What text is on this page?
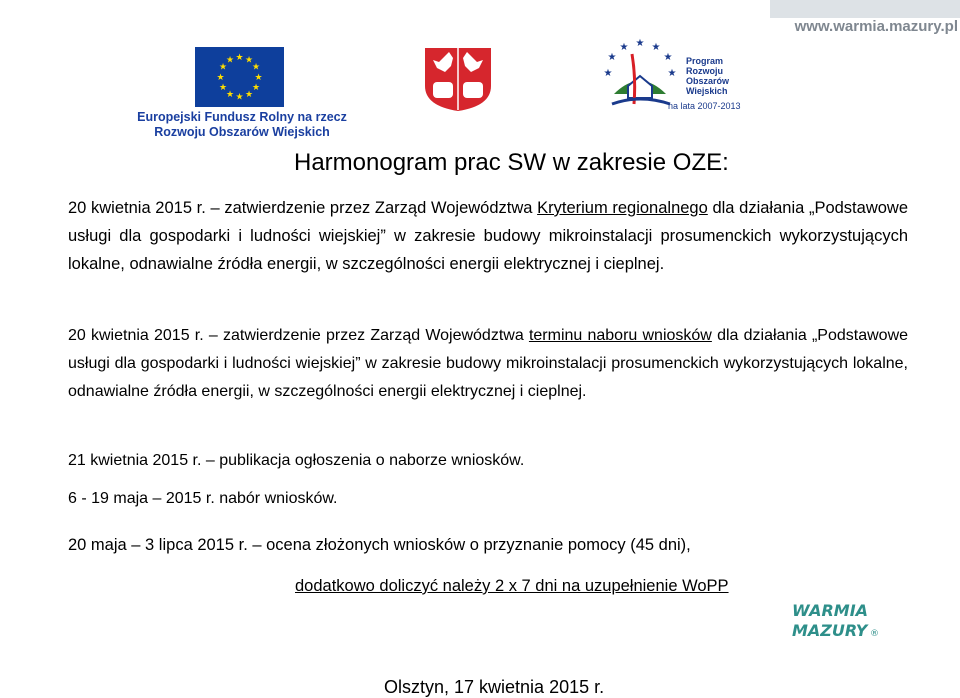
www.warmia.mazury.pl
★ ★
★
★
★
★
★
★
★
★
★
★
Europejski Fundusz Rolny na rzecz
Rozwoju Obszarów Wiejskich
★
★
★ ★ ★
★
★
Program
Rozwoju
Obszarów
Wiejskich
na lata 2007-2013
Harmonogram prac SW w zakresie OZE:
20 kwietnia 2015 r. – zatwierdzenie przez Zarząd Województwa Kryterium regionalnego dla działania „Podstawowe usługi dla gospodarki i ludności wiejskiej” w zakresie budowy mikroinstalacji prosumenckich wykorzystujących lokalne, odnawialne źródła energii, w szczególności energii elektrycznej i cieplnej.
20 kwietnia 2015 r. – zatwierdzenie przez Zarząd Województwa terminu naboru wniosków dla działania „Podstawowe usługi dla gospodarki i ludności wiejskiej” w zakresie budowy mikroinstalacji prosumenckich wykorzystujących lokalne, odnawialne źródła energii, w szczególności energii elektrycznej i cieplnej.
21 kwietnia 2015 r. – publikacja ogłoszenia o naborze wniosków.
6 - 19 maja – 2015 r. nabór wniosków.
20 maja – 3 lipca 2015 r. – ocena złożonych wniosków o przyznanie pomocy (45 dni),
dodatkowo doliczyć należy 2 x 7 dni na uzupełnienie WoPP
WARMIA
MAZURY ®
Olsztyn, 17 kwietnia 2015 r.
